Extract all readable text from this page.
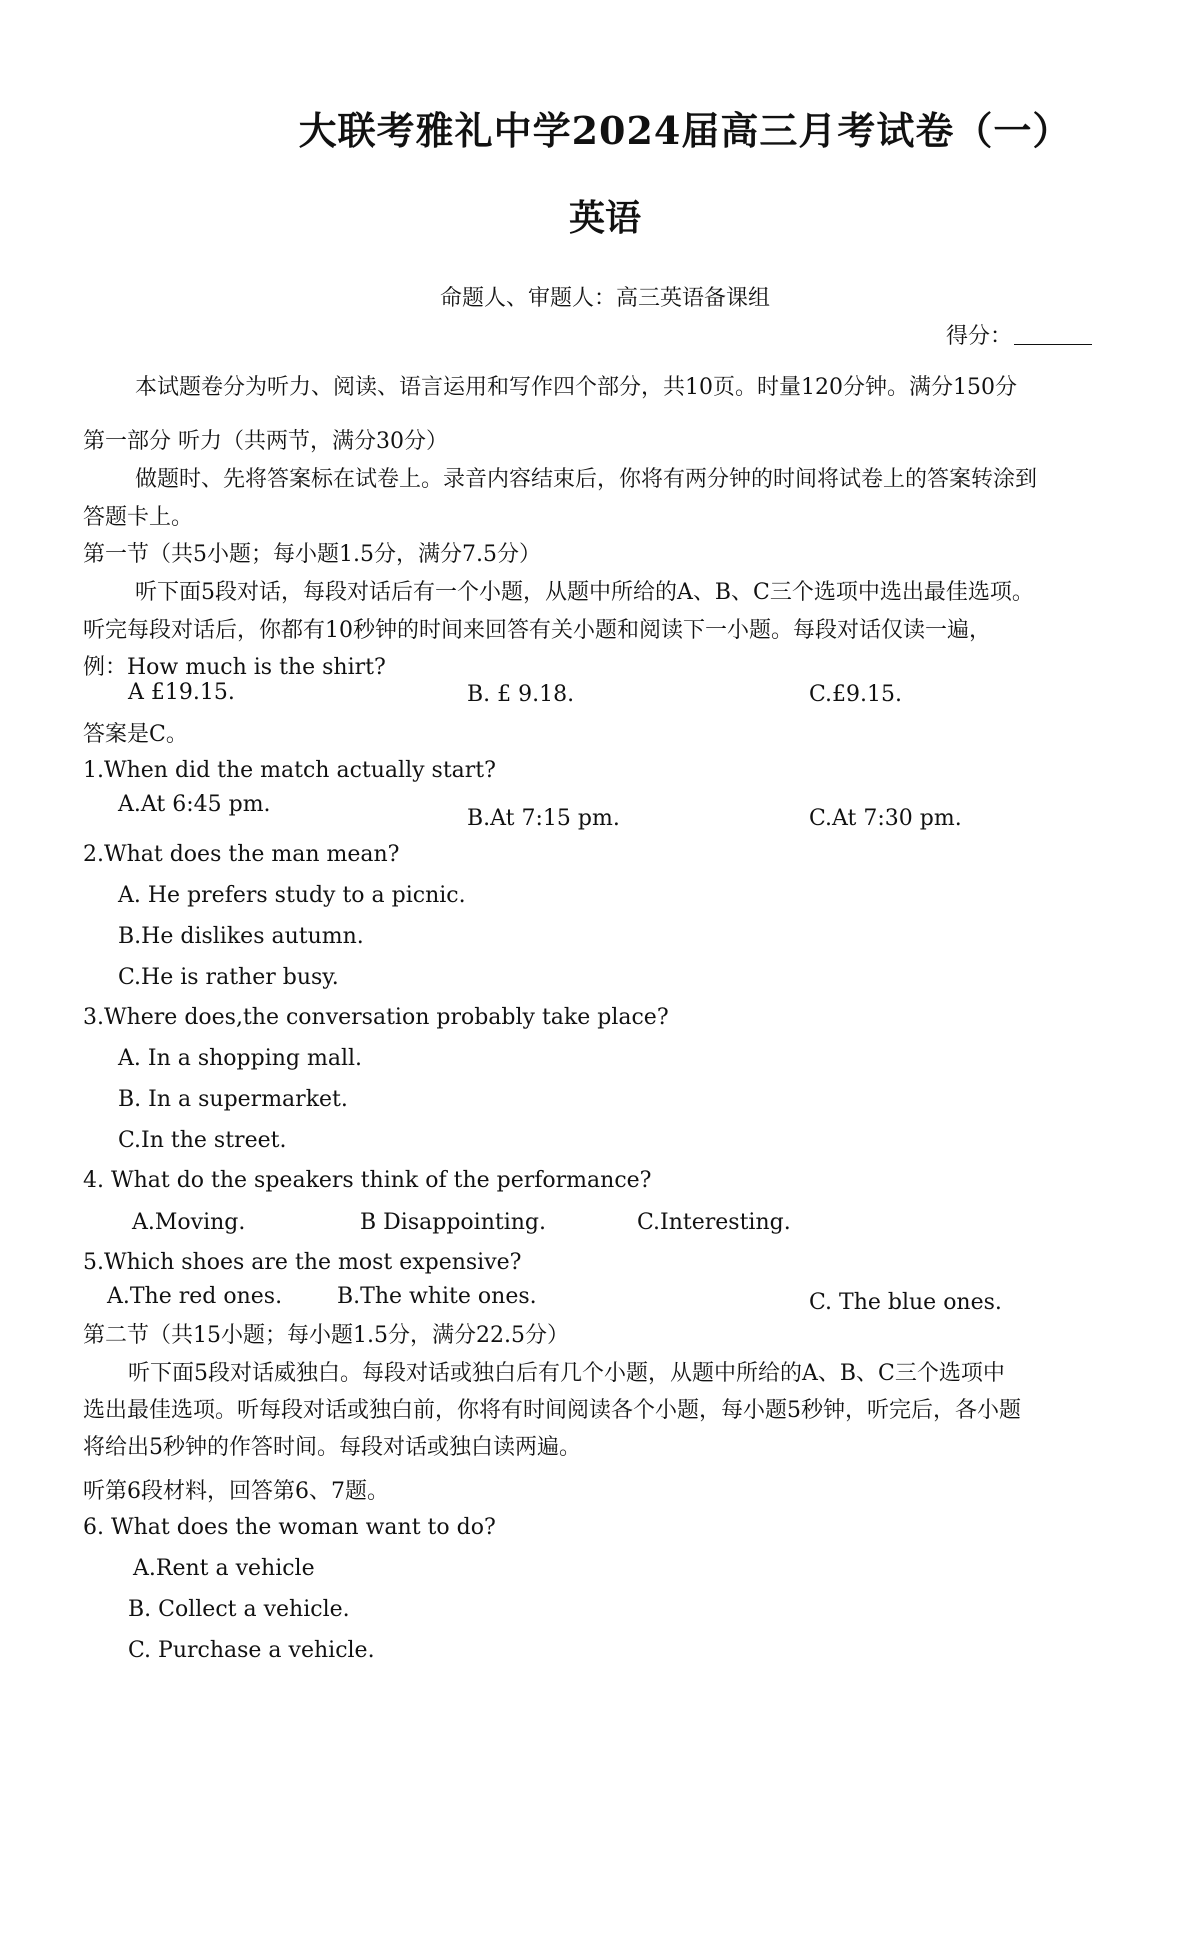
大联考雅礼中学2024届高三月考试卷（一）
英语
命题人、审题人：高三英语备课组
得分：
本试题卷分为听力、阅读、语言运用和写作四个部分，共10页。时量120分钟。满分150分
第一部分 听力（共两节，满分30分）
做题时、先将答案标在试卷上。录音内容结束后，你将有两分钟的时间将试卷上的答案转涂到
答题卡上。
第一节（共5小题；每小题1.5分，满分7.5分）
听下面5段对话，每段对话后有一个小题，从题中所给的A、B、C三个选项中选出最佳选项。
听完每段对话后，你都有10秒钟的时间来回答有关小题和阅读下一小题。每段对话仅读一遍，
例：How much is the shirt?
A £19.15.	B. £ 9.18.	C.£9.15.
答案是C。
1.When did the match actually start?
A.At 6:45 pm.
B.At 7:15 pm.	C.At 7:30 pm.
2.What does the man mean?
A. He prefers study to a picnic.
B.He dislikes autumn.
C.He is rather busy.
3.Where does,the conversation probably take place?
A. In a shopping mall.
B. In a supermarket.
C.In the street.
4. What do the speakers think of the performance?
A.Moving.	B Disappointing.	C.Interesting.
5.Which shoes are the most expensive?
A.The red ones. B.The white ones.	C. The blue ones.
第二节（共15小题；每小题1.5分，满分22.5分）
听下面5段对话威独白。每段对话或独白后有几个小题，从题中所给的A、B、C三个选项中
选出最佳选项。听每段对话或独白前，你将有时间阅读各个小题，每小题5秒钟，听完后，各小题
将给出5秒钟的作答时间。每段对话或独白读两遍。
听第6段材料，回答第6、7题。
6. What does the woman want to do?
A.Rent a vehicle
B. Collect a vehicle.
C. Purchase a vehicle.
